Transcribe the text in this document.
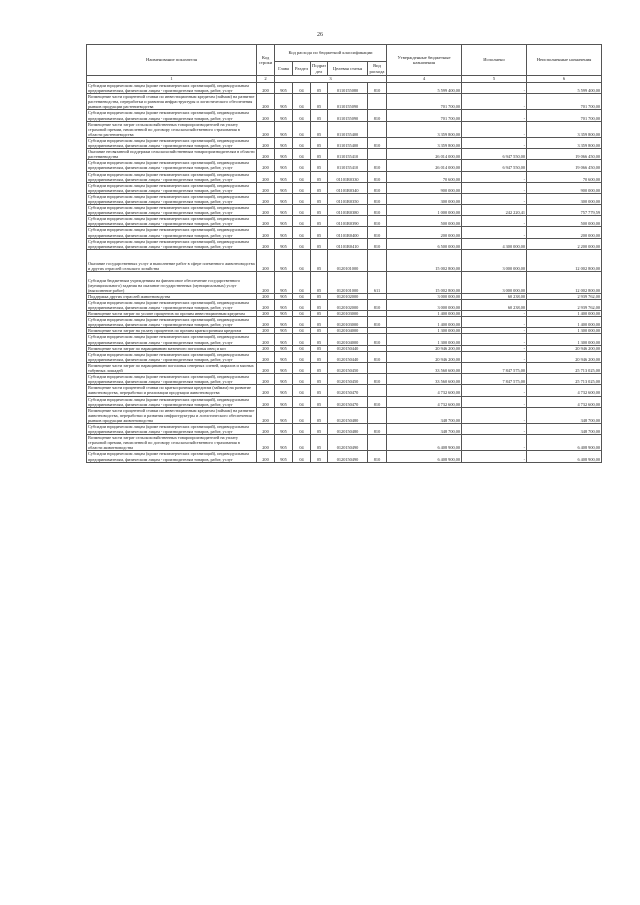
26
Наименование показателя	Код строки	Код расхода по бюджетной классификации					Утвержденные бюджетные назначения	Исполнено	Неисполненные назначения
		Глава	Раздел	Подраз дел	Целевая статья	Вид расхода			
1	2	3					4	5	6
Субсидии юридическим лицам (кроме некоммерческих организаций), индивидуальным предпринимателям, физическим лицам - производителям товаров, работ, услуг	200	905	04	05	0110155080	810	5 599 400,00	-	5 599 400,00
Возмещение части процентной ставки по инвестиционным кредитам (займам) на развитие растениеводства, переработки и развития инфраструктуры и логистического обеспечения рынков продукции растениеводства	200	905	04	05	0110155090		701 700,00	-	701 700,00
Субсидии юридическим лицам (кроме некоммерческих организаций), индивидуальным предпринимателям, физическим лицам - производителям товаров, работ, услуг	200	905	04	05	0110155090	810	701 700,00	-	701 700,00
Возмещение части затрат сельскохозяйственных товаропроизводителей на уплату страховой премии, начисленной по договору сельскохозяйственного страхования в области растениеводства	200	905	04	05	0110155400		3 359 800,00	-	3 359 800,00
Субсидии юридическим лицам (кроме некоммерческих организаций), индивидуальным предпринимателям, физическим лицам - производителям товаров, работ, услуг	200	905	04	05	0110155400	810	3 359 800,00	-	3 359 800,00
Оказание несвязанной поддержки сельскохозяйственным товаропроизводителям в области растениеводства	200	905	04	05	0110155410		26 014 000,00	6 947 550,00	19 066 450,00
Субсидии юридическим лицам (кроме некоммерческих организаций), индивидуальным предпринимателям, физическим лицам - производителям товаров, работ, услуг	200	905	04	05	0110155410	810	26 014 000,00	6 947 550,00	19 066 450,00
Субсидии юридическим лицам (кроме некоммерческих организаций), индивидуальным предпринимателям, физическим лицам - производителям товаров, работ, услуг	200	905	04	05	01101R0330	810	70 600,00	-	70 600,00
Субсидии юридическим лицам (кроме некоммерческих организаций), индивидуальным предпринимателям, физическим лицам - производителям товаров, работ, услуг	200	905	04	05	01101R0340	810	900 000,00	-	900 000,00
Субсидии юридическим лицам (кроме некоммерческих организаций), индивидуальным предпринимателям, физическим лицам - производителям товаров, работ, услуг	200	905	04	05	01101R0350	810	300 000,00	-	300 000,00
Субсидии юридическим лицам (кроме некоммерческих организаций), индивидуальным предпринимателям, физическим лицам - производителям товаров, работ, услуг	200	905	04	05	01101R0380	810	1 000 000,00	242 220,41	757 779,59
Субсидии юридическим лицам (кроме некоммерческих организаций), индивидуальным предпринимателям, физическим лицам - производителям товаров, работ, услуг	200	905	04	05	01101R0390	810	500 000,00	-	500 000,00
Субсидии юридическим лицам (кроме некоммерческих организаций), индивидуальным предпринимателям, физическим лицам - производителям товаров, работ, услуг	200	905	04	05	01101R0400	810	200 000,00	-	200 000,00
Субсидии юридическим лицам (кроме некоммерческих организаций), индивидуальным предпринимателям, физическим лицам - производителям товаров, работ, услуг	200	905	04	05	01101R0410	810	6 500 000,00	4 300 000,00	2 200 000,00
Оказание государственных услуг и выполнение работ в сфере племенного животноводства и других отраслей сельского хозяйства	200	905	04	05	0120101000		15 002 800,00	3 000 000,00	12 002 800,00
Субсидии бюджетным учреждениям на финансовое обеспечение государственного (муниципального) задания на оказание государственных (муниципальных) услуг (выполнение работ)	200	905	04	05	0120101000	611	15 002 800,00	3 000 000,00	12 002 800,00
Поддержка других отраслей животноводства	200	905	04	05	0120102000		3 000 000,00	60 238,00	2 939 762,00
Субсидии юридическим лицам (кроме некоммерческих организаций), индивидуальным предпринимателям, физическим лицам - производителям товаров, работ, услуг	200	905	04	05	0120102000	810	3 000 000,00	60 238,00	2 939 762,00
Возмещение части затрат по уплате процентов по прочим инвестиционным кредитам	200	905	04	05	0120103000		1 400 000,00	-	1 400 000,00
Субсидии юридическим лицам (кроме некоммерческих организаций), индивидуальным предпринимателям, физическим лицам - производителям товаров, работ, услуг	200	905	04	05	0120103000	810	1 400 000,00	-	1 400 000,00
Возмещение части затрат на уплату процентов по прочим краткосрочным кредитам	200	905	04	05	0120104000		1 300 000,00	-	1 300 000,00
Субсидии юридическим лицам (кроме некоммерческих организаций), индивидуальным предпринимателям, физическим лицам - производителям товаров, работ, услуг	200	905	04	05	0120104000	810	1 300 000,00	-	1 300 000,00
Возмещение части затрат по наращиванию маточного поголовья овец и коз	200	905	04	05	0120150440		20 946 200,00	-	20 946 200,00
Субсидии юридическим лицам (кроме некоммерческих организаций), индивидуальным предпринимателям, физическим лицам - производителям товаров, работ, услуг	200	905	04	05	0120150440	810	20 946 200,00	-	20 946 200,00
Возмещение части затрат по наращиванию поголовья северных оленей, маралов и мясных табунных лошадей	200	905	04	05	0120150450		33 560 600,00	7 847 575,00	25 713 025,00
Субсидии юридическим лицам (кроме некоммерческих организаций), индивидуальным предпринимателям, физическим лицам - производителям товаров, работ, услуг	200	905	04	05	0120150450	810	33 560 600,00	7 847 575,00	25 713 025,00
Возмещение части процентной ставки по краткосрочным кредитам (займам) на развитие животноводства, переработки и реализации продукции животноводства	200	905	04	05	0120150470		4 732 600,00	-	4 732 600,00
Субсидии юридическим лицам (кроме некоммерческих организаций), индивидуальным предпринимателям, физическим лицам - производителям товаров, работ, услуг	200	905	04	05	0120150470	810	4 732 600,00	-	4 732 600,00
Возмещение части процентной ставки по инвестиционным кредитам (займам) на развитие животноводства, переработки и развития инфраструктуры и логистического обеспечения рынков продукции животноводства	200	905	04	05	0120150480		348 700,00	-	348 700,00
Субсидии юридическим лицам (кроме некоммерческих организаций), индивидуальным предпринимателям, физическим лицам - производителям товаров, работ, услуг	200	905	04	05	0120150480	810	348 700,00	-	348 700,00
Возмещение части затрат сельскохозяйственных товаропроизводителей на уплату страховой премии, начисленной по договору сельскохозяйственного страхования в области животноводства	200	905	04	05	0120150490		6 408 900,00	-	6 408 900,00
Субсидии юридическим лицам (кроме некоммерческих организаций), индивидуальным предпринимателям, физическим лицам - производителям товаров, работ, услуг	200	905	04	05	0120150490	810	6 408 900,00	-	6 408 900,00
